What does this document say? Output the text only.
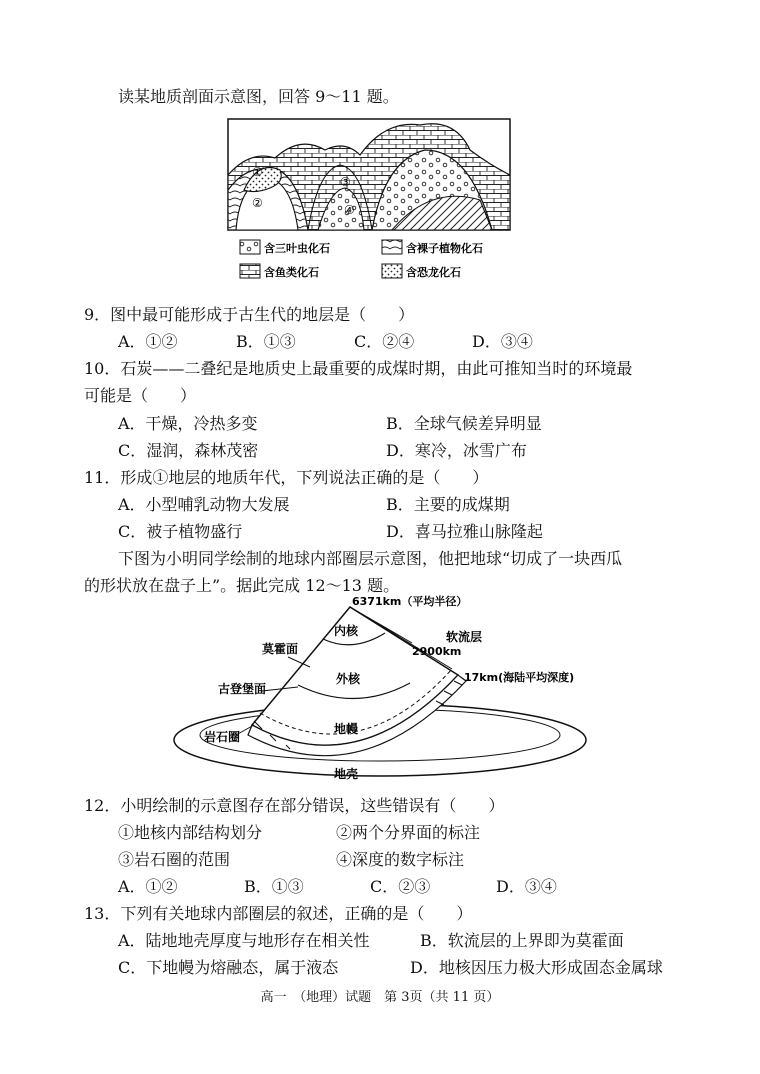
读某地质剖面示意图，回答 9～11 题。
①
②
③
④
含三叶虫化石	含裸子植物化石
含鱼类化石	含恐龙化石
9．图中最可能形成于古生代的地层是（　　）
A．①②	B．①③	C．②④	D．③④
10．石炭——二叠纪是地质史上最重要的成煤时期，由此可推知当时的环境最
可能是（　　）
A．干燥，冷热多变	B．全球气候差异明显
C．湿润，森林茂密	D．寒冷，冰雪广布
11．形成①地层的地质年代，下列说法正确的是（　　）
A．小型哺乳动物大发展	B．主要的成煤期
C．被子植物盛行	D．喜马拉雅山脉隆起
下图为小明同学绘制的地球内部圈层示意图，他把地球“切成了一块西瓜
的形状放在盘子上”。据此完成 12～13 题。
6371km（平均半径）
内核	软流层
莫霍面	2900km
外核	17km(海陆平均深度)
古登堡面
地幔
岩石圈
地壳
12．小明绘制的示意图存在部分错误，这些错误有（　　）
①地核内部结构划分	②两个分界面的标注
③岩石圈的范围	④深度的数字标注
A．①②	B．①③	C．②③	D．③④
13．下列有关地球内部圈层的叙述，正确的是（　　）
A．陆地地壳厚度与地形存在相关性	B．软流层的上界即为莫霍面
C．下地幔为熔融态，属于液态	D．地核因压力极大形成固态金属球
高一　（地理）试题　第 3页（共 11 页）
